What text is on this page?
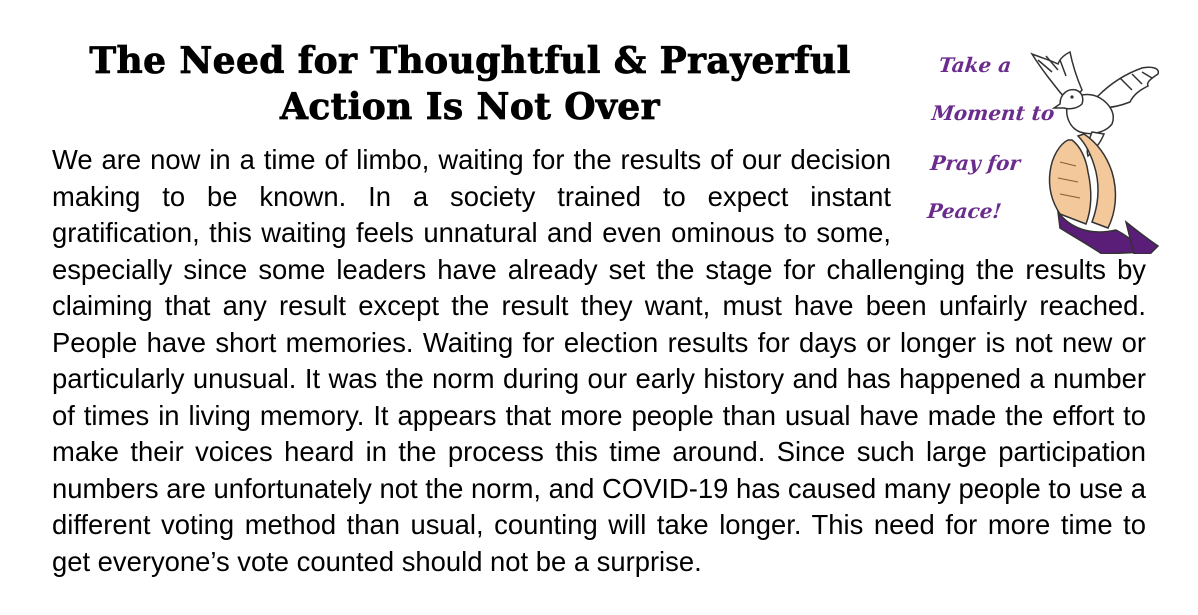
The Need for Thoughtful & Prayerful
Action Is Not Over
Take a
Moment to
Pray for
Peace!

We are now in a time of limbo, waiting for the results of our decision making to be known. In a society trained to expect instant gratification, this waiting feels unnatural and even ominous to some, especially since some leaders have already set the stage for challenging the results by claiming that any result except the result they want, must have been unfairly reached. People have short memories. Waiting for election results for days or longer is not new or particularly unusual. It was the norm during our early history and has happened a number of times in living memory. It appears that more people than usual have made the effort to make their voices heard in the process this time around. Since such large participation numbers are unfortunately not the norm, and COVID-19 has caused many people to use a different voting method than usual, counting will take longer. This need for more time to get everyone’s vote counted should not be a surprise.
